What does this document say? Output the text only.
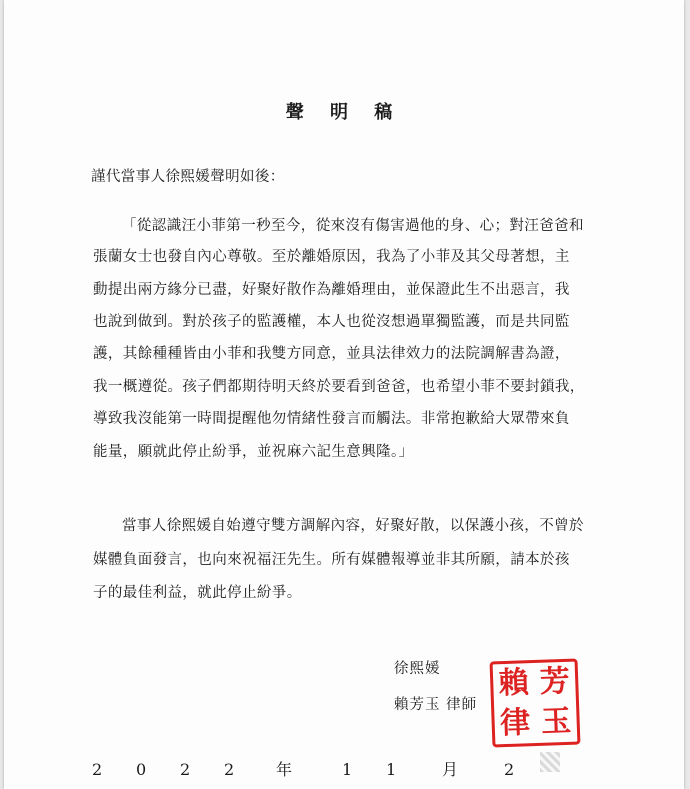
聲 明 稿
謹代當事人徐熙媛聲明如後：
「從認識汪小菲第一秒至今，從來沒有傷害過他的身、心；對汪爸爸和
張蘭女士也發自內心尊敬。至於離婚原因，我為了小菲及其父母著想，主
動提出兩方緣分已盡，好聚好散作為離婚理由，並保證此生不出惡言，我
也說到做到。對於孩子的監護權，本人也從沒想過單獨監護，而是共同監
護，其餘種種皆由小菲和我雙方同意，並具法律效力的法院調解書為證，
我一概遵從。孩子們都期待明天終於要看到爸爸，也希望小菲不要封鎖我，
導致我沒能第一時間提醒他勿情緒性發言而觸法。非常抱歉給大眾帶來負
能量，願就此停止紛爭，並祝麻六記生意興隆。」
當事人徐熙媛自始遵守雙方調解內容，好聚好散，以保護小孩，不曾於
媒體負面發言，也向來祝福汪先生。所有媒體報導並非其所願，請本於孩
子的最佳利益，就此停止紛爭。
徐熙媛
賴芳玉 律師
賴 芳
律 玉
2 0 2 2	年	1 1	月	2
